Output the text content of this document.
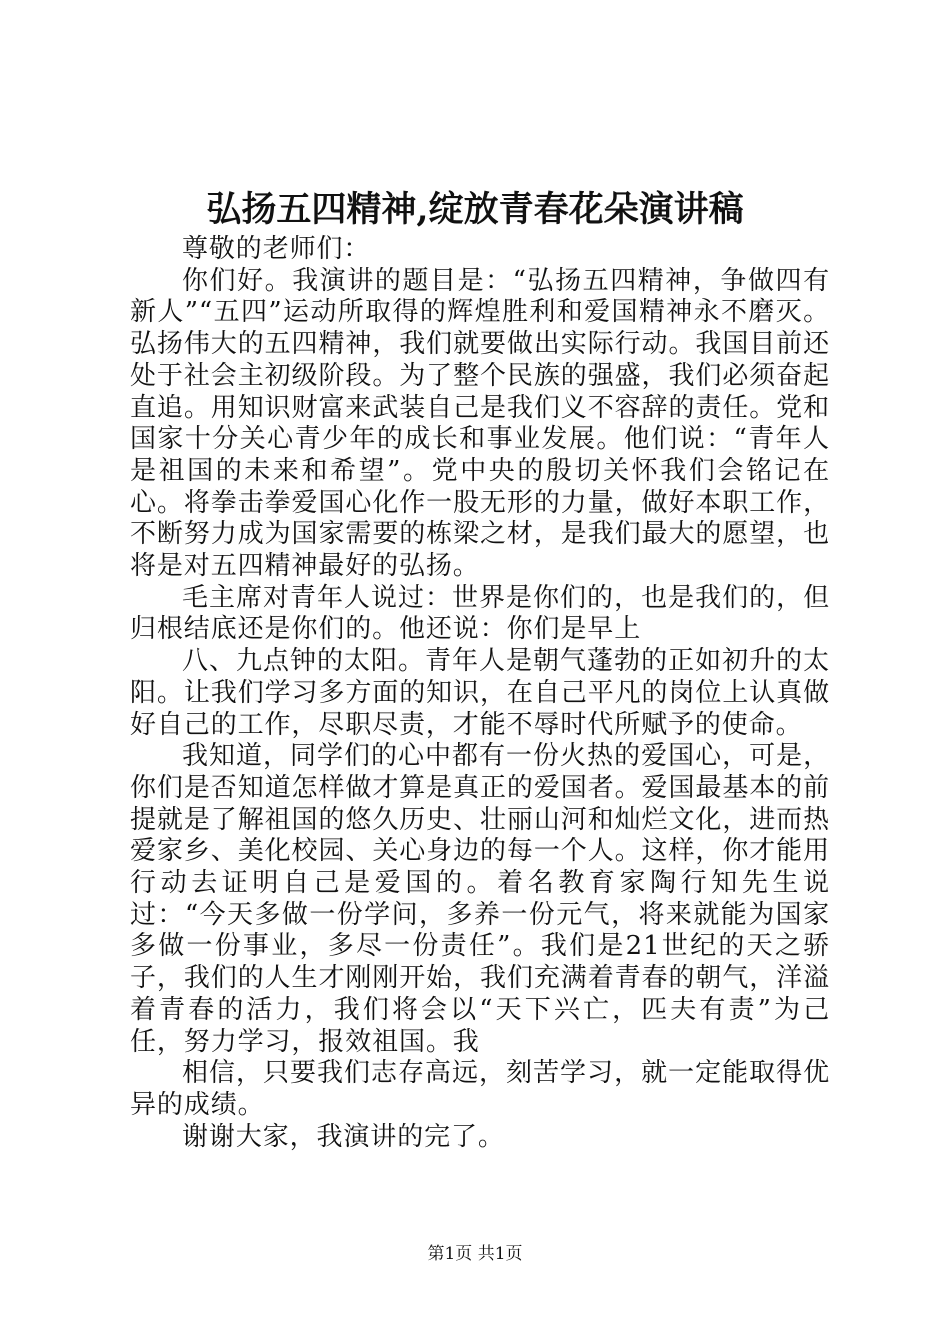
弘扬五四精神,绽放青春花朵演讲稿

尊敬的老师们：

你们好。我演讲的题目是：“弘扬五四精神，争做四有新人”“五四”运动所取得的辉煌胜利和爱国精神永不磨灭。弘扬伟大的五四精神，我们就要做出实际行动。我国目前还处于社会主初级阶段。为了整个民族的强盛，我们必须奋起直追。用知识财富来武装自己是我们义不容辞的责任。党和国家十分关心青少年的成长和事业发展。他们说：“青年人是祖国的未来和希望”。党中央的殷切关怀我们会铭记在心。将拳击拳爱国心化作一股无形的力量，做好本职工作，不断努力成为国家需要的栋梁之材，是我们最大的愿望，也将是对五四精神最好的弘扬。

毛主席对青年人说过：世界是你们的，也是我们的，但归根结底还是你们的。他还说：你们是早上

八、九点钟的太阳。青年人是朝气蓬勃的正如初升的太阳。让我们学习多方面的知识，在自己平凡的岗位上认真做好自己的工作，尽职尽责，才能不辱时代所赋予的使命。

我知道，同学们的心中都有一份火热的爱国心，可是，你们是否知道怎样做才算是真正的爱国者。爱国最基本的前提就是了解祖国的悠久历史、壮丽山河和灿烂文化，进而热爱家乡、美化校园、关心身边的每一个人。这样，你才能用行动去证明自己是爱国的。着名教育家陶行知先生说过：“今天多做一份学问，多养一份元气，将来就能为国家多做一份事业，多尽一份责任”。我们是21世纪的天之骄子，我们的人生才刚刚开始，我们充满着青春的朝气，洋溢着青春的活力，我们将会以“天下兴亡，匹夫有责”为己任，努力学习，报效祖国。我

相信，只要我们志存高远，刻苦学习，就一定能取得优异的成绩。

谢谢大家，我演讲的完了。

第1页 共1页
